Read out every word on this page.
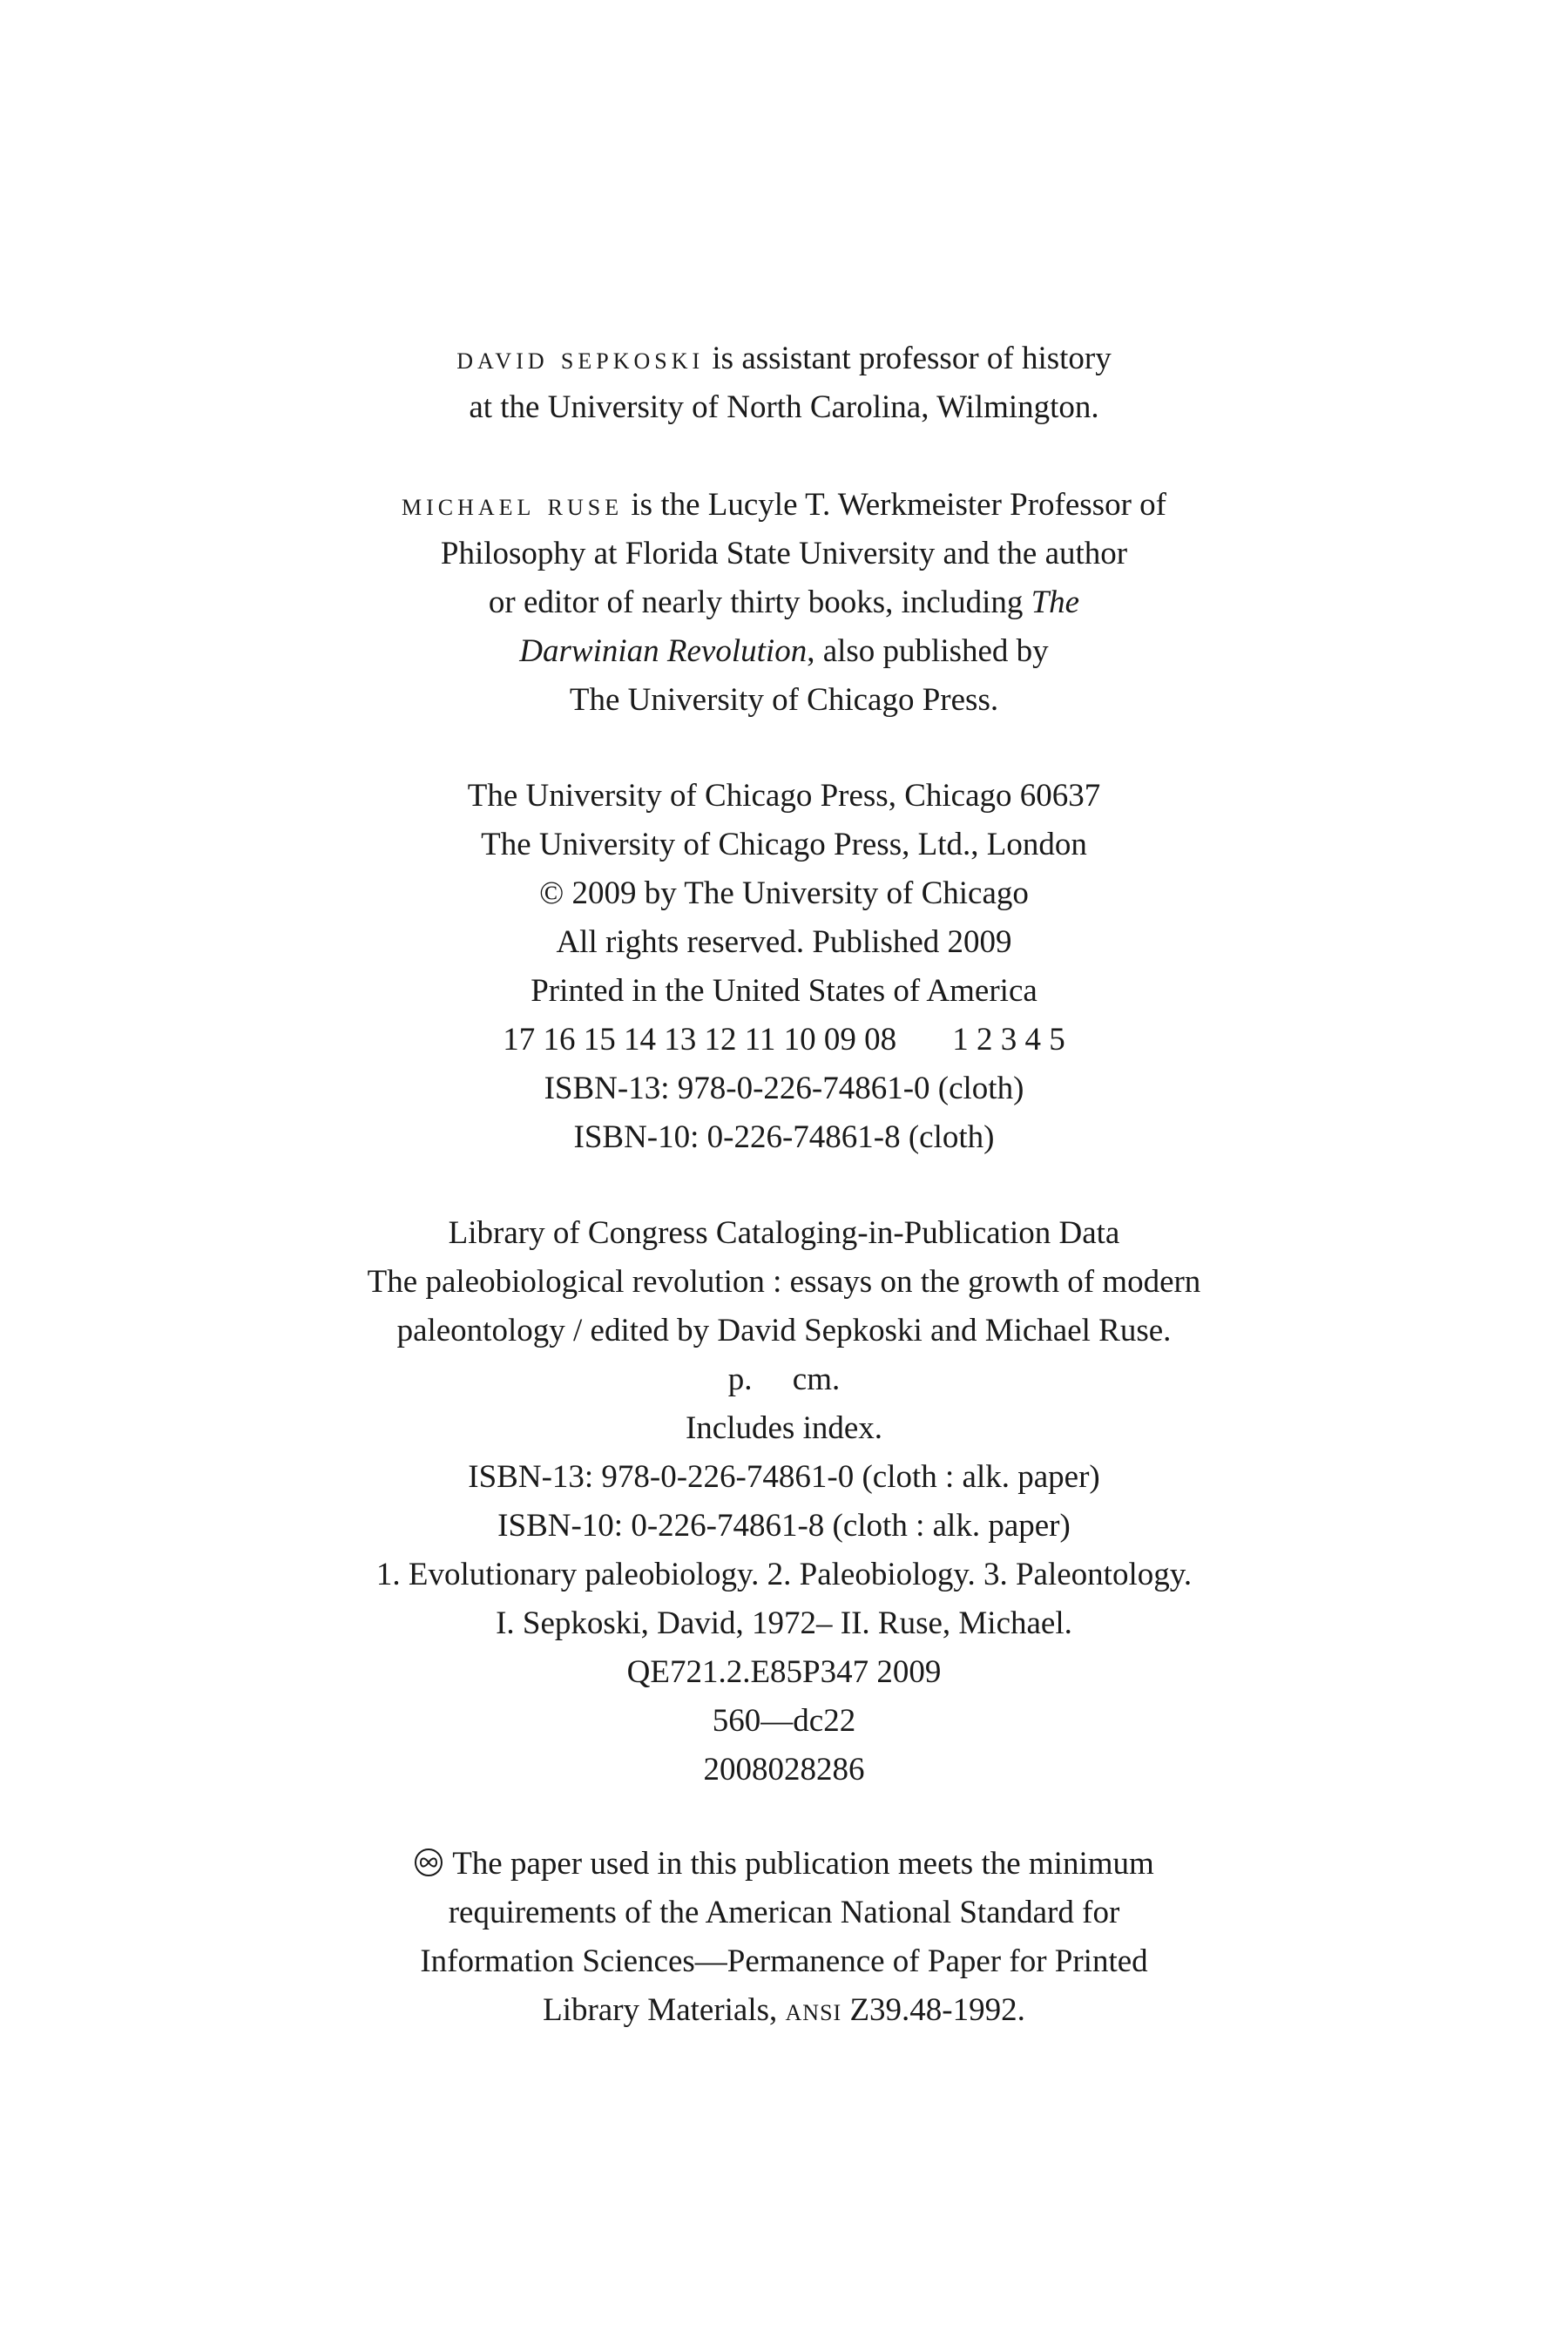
david sepkoski is assistant professor of history
at the University of North Carolina, Wilmington.
michael ruse is the Lucyle T. Werkmeister Professor of
Philosophy at Florida State University and the author
or editor of nearly thirty books, including The
Darwinian Revolution, also published by
The University of Chicago Press.
The University of Chicago Press, Chicago 60637
The University of Chicago Press, Ltd., London
© 2009 by The University of Chicago
All rights reserved. Published 2009
Printed in the United States of America
17 16 15 14 13 12 11 10 09 08 1 2 3 4 5
ISBN-13: 978-0-226-74861-0 (cloth)
ISBN-10: 0-226-74861-8 (cloth)
Library of Congress Cataloging-in-Publication Data
The paleobiological revolution : essays on the growth of modern
paleontology / edited by David Sepkoski and Michael Ruse.
p.     cm.
Includes index.
ISBN-13: 978-0-226-74861-0 (cloth : alk. paper)
ISBN-10: 0-226-74861-8 (cloth : alk. paper)
1. Evolutionary paleobiology. 2. Paleobiology. 3. Paleontology.
I. Sepkoski, David, 1972– II. Ruse, Michael.
QE721.2.E85P347 2009
560—dc22
2008028286
The paper used in this publication meets the minimum
requirements of the American National Standard for
Information Sciences—Permanence of Paper for Printed
Library Materials, ansi Z39.48-1992.
